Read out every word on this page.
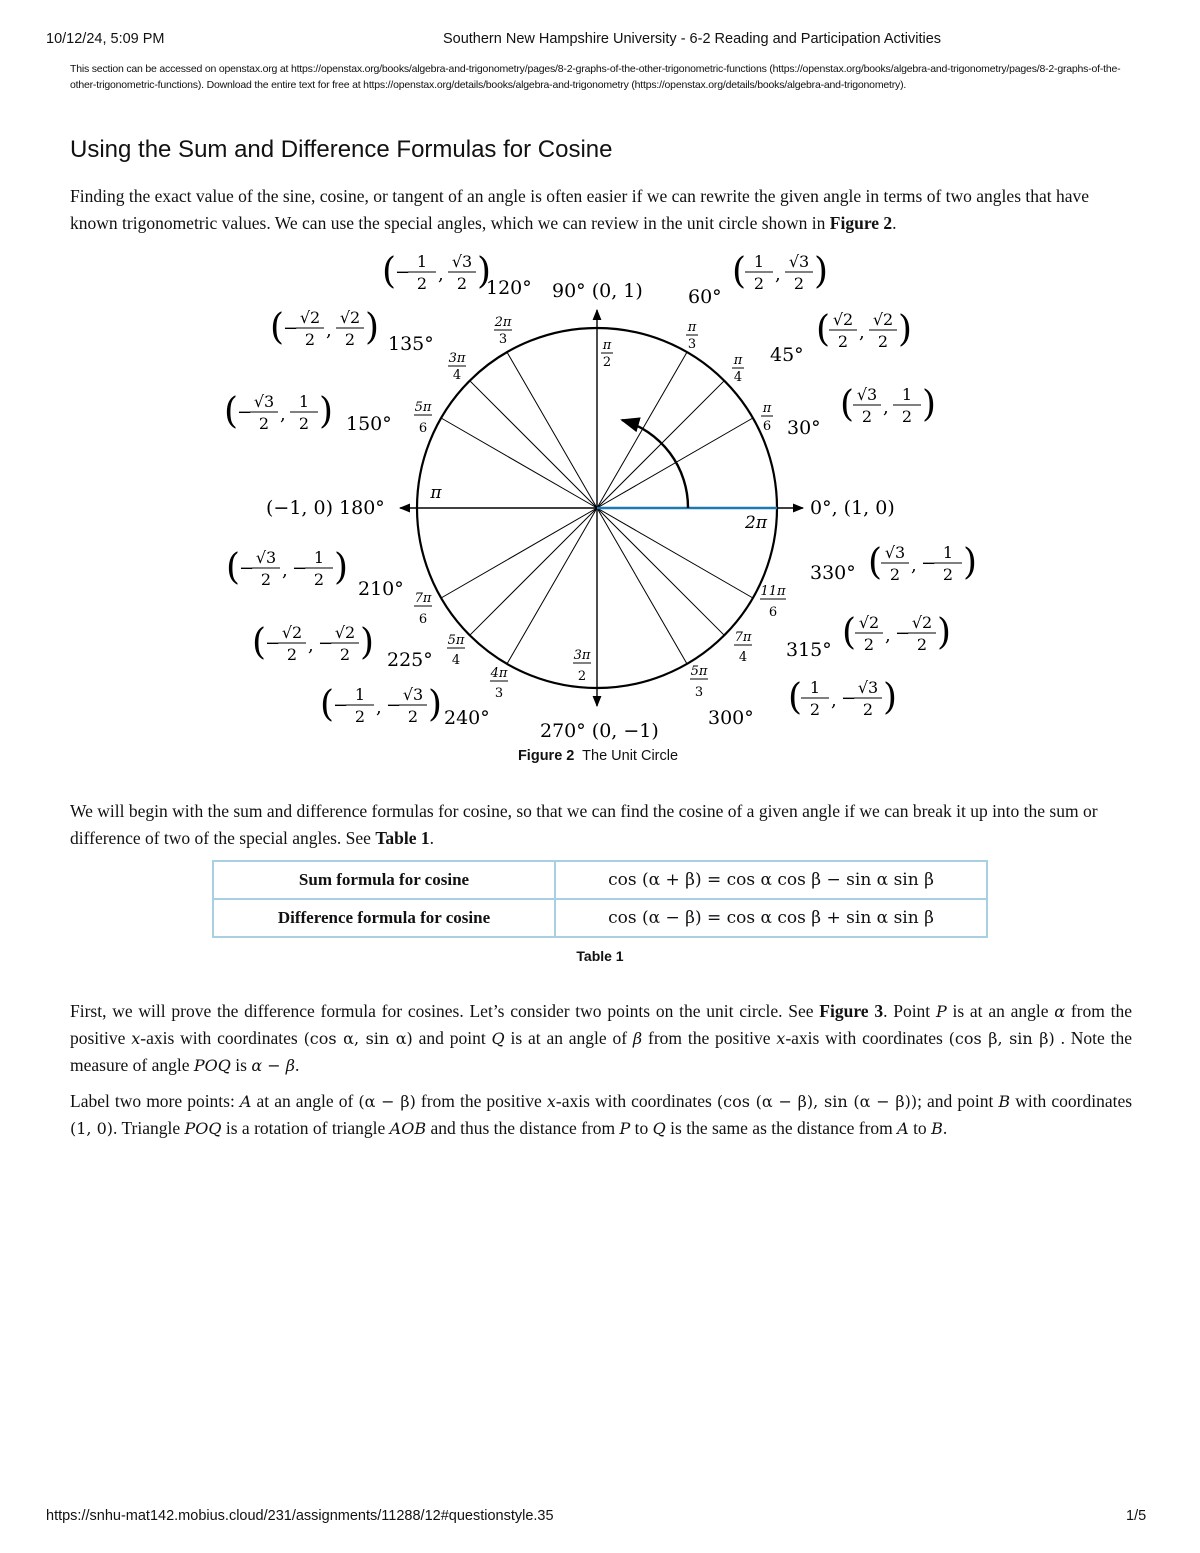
10/12/24, 5:09 PM	Southern New Hampshire University - 6-2 Reading and Participation Activities
This section can be accessed on openstax.org at https://openstax.org/books/algebra-and-trigonometry/pages/8-2-graphs-of-the-other-trigonometric-functions (https://openstax.org/books/algebra-and-trigonometry/pages/8-2-graphs-of-the-other-trigonometric-functions). Download the entire text for free at https://openstax.org/details/books/algebra-and-trigonometry (https://openstax.org/details/books/algebra-and-trigonometry).
Using the Sum and Difference Formulas for Cosine

Finding the exact value of the sine, cosine, or tangent of an angle is often easier if we can rewrite the given angle in terms of two angles that have known trigonometric values. We can use the special angles, which we can review in the unit circle shown in Figure 2.

0°, (1, 0)
(−1, 0) 180°
90° (0, 1)
270° (0, −1)
π
2
π
3
π
4
π
6
2π
3
3π
4
5π
6
π
2π
7π
6
5π
4
4π
3
3π
2	5π
3
7π
4
11π
6
30°
45°
60°
120°
135°
150°
210°
225°
240°	300°
315°
330°
( 1
2 ,
√3
2 )
( √2
2 ,
√2
2 )
( √3
2 ,
1
2 )
(
−
1
2 ,
√3
2 )
(
−
√2
2 ,
√2
2 )
(
−
√3
2 ,
1
2 )
(
−
√3
2 , −
1
2 )
(
−
√2
2 , −
√2
2 )
(
−
1
2 , −
√3
2 )	( 1
2 , −
√3
2 )
( √2
2 , −
√2
2 )
( √3
2 , −
1
2 )
Figure 2 The Unit Circle

We will begin with the sum and difference formulas for cosine, so that we can find the cosine of a given angle if we can break it up into the sum or difference of two of the special angles. See Table 1.

Sum formula for cosine	cos (α + β) = cos α cos β − sin α sin β
Difference formula for cosine	cos (α − β) = cos α cos β + sin α sin β
Table 1

First, we will prove the difference formula for cosines. Let’s consider two points on the unit circle. See Figure 3. Point P is at an angle α from the positive x-axis with coordinates (cos α, sin α) and point Q is at an angle of β from the positive x-axis with coordinates (cos β, sin β) . Note the measure of angle POQ is α − β.

Label two more points: A at an angle of (α − β) from the positive x-axis with coordinates (cos (α − β), sin (α − β)); and point B with coordinates (1, 0). Triangle POQ is a rotation of triangle AOB and thus the distance from P to Q is the same as the distance from A to B.

https://snhu-mat142.mobius.cloud/231/assignments/11288/12#questionstyle.35	1/5
